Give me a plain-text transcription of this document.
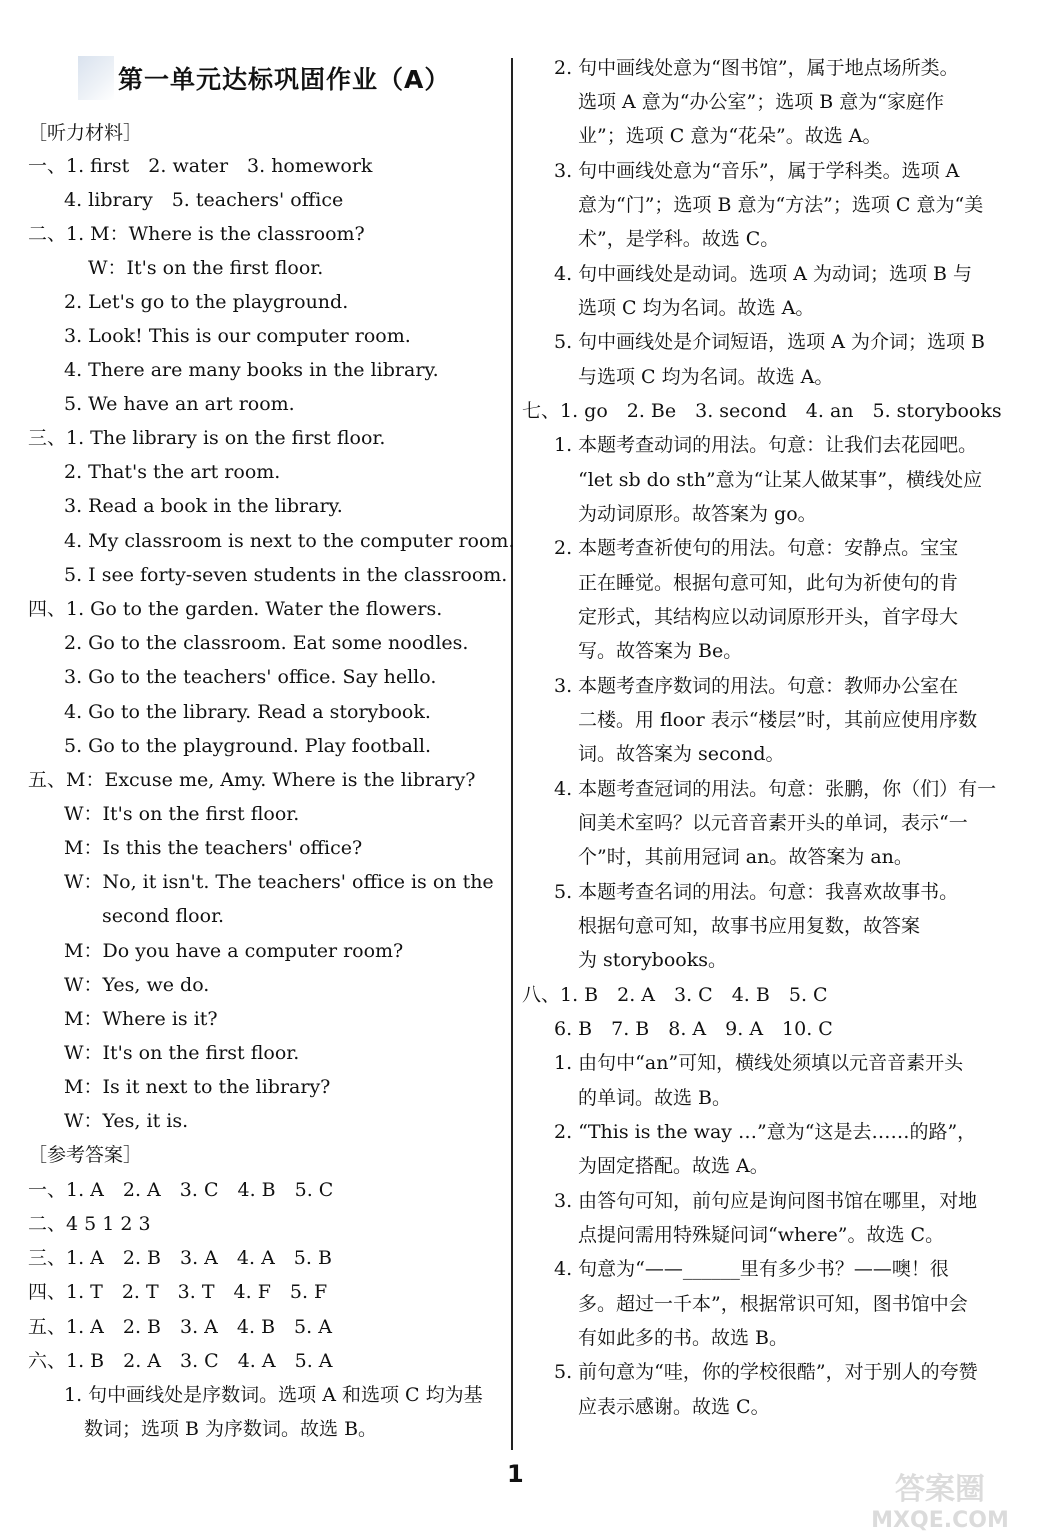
第一单元达标巩固作业（A）
［听力材料］
一、1. first　2. water　3. homework
4. library　5. teachers' office
二、1. M：Where is the classroom?
W：It's on the first floor.
2. Let's go to the playground.
3. Look! This is our computer room.
4. There are many books in the library.
5. We have an art room.
三、1. The library is on the first floor.
2. That's the art room.
3. Read a book in the library.
4. My classroom is next to the computer room.
5. I see forty-seven students in the classroom.
四、1. Go to the garden. Water the flowers.
2. Go to the classroom. Eat some noodles.
3. Go to the teachers' office. Say hello.
4. Go to the library. Read a storybook.
5. Go to the playground. Play football.
五、M：Excuse me, Amy. Where is the library?
W：It's on the first floor.
M：Is this the teachers' office?
W：No, it isn't. The teachers' office is on the
second floor.
M：Do you have a computer room?
W：Yes, we do.
M：Where is it?
W：It's on the first floor.
M：Is it next to the library?
W：Yes, it is.
［参考答案］
一、1. A　2. A　3. C　4. B　5. C
二、4 5 1 2 3
三、1. A　2. B　3. A　4. A　5. B
四、1. T　2. T　3. T　4. F　5. F
五、1. A　2. B　3. A　4. B　5. A
六、1. B　2. A　3. C　4. A　5. A
1. 句中画线处是序数词。选项 A 和选项 C 均为基
数词；选项 B 为序数词。故选 B。
2. 句中画线处意为“图书馆”，属于地点场所类。
选项 A 意为“办公室”；选项 B 意为“家庭作
业”；选项 C 意为“花朵”。故选 A。
3. 句中画线处意为“音乐”，属于学科类。选项 A
意为“门”；选项 B 意为“方法”；选项 C 意为“美
术”，是学科。故选 C。
4. 句中画线处是动词。选项 A 为动词；选项 B 与
选项 C 均为名词。故选 A。
5. 句中画线处是介词短语，选项 A 为介词；选项 B
与选项 C 均为名词。故选 A。
七、1. go　2. Be　3. second　4. an　5. storybooks
1. 本题考查动词的用法。句意：让我们去花园吧。
“let sb do sth”意为“让某人做某事”，横线处应
为动词原形。故答案为 go。
2. 本题考查祈使句的用法。句意：安静点。宝宝
正在睡觉。根据句意可知，此句为祈使句的肯
定形式，其结构应以动词原形开头，首字母大
写。故答案为 Be。
3. 本题考查序数词的用法。句意：教师办公室在
二楼。用 floor 表示“楼层”时，其前应使用序数
词。故答案为 second。
4. 本题考查冠词的用法。句意：张鹏，你（们）有一
间美术室吗？以元音音素开头的单词，表示“一
个”时，其前用冠词 an。故答案为 an。
5. 本题考查名词的用法。句意：我喜欢故事书。
根据句意可知，故事书应用复数，故答案
为 storybooks。
八、1. B　2. A　3. C　4. B　5. C
6. B　7. B　8. A　9. A　10. C
1. 由句中“an”可知，横线处须填以元音音素开头
的单词。故选 B。
2. “This is the way …”意为“这是去……的路”，
为固定搭配。故选 A。
3. 由答句可知，前句应是询问图书馆在哪里，对地
点提问需用特殊疑问词“where”。故选 C。
4. 句意为“——______里有多少书？——噢！很
多。超过一千本”，根据常识可知，图书馆中会
有如此多的书。故选 B。
5. 前句意为“哇，你的学校很酷”，对于别人的夸赞
应表示感谢。故选 C。
1	答案圈
MXQE.COM
